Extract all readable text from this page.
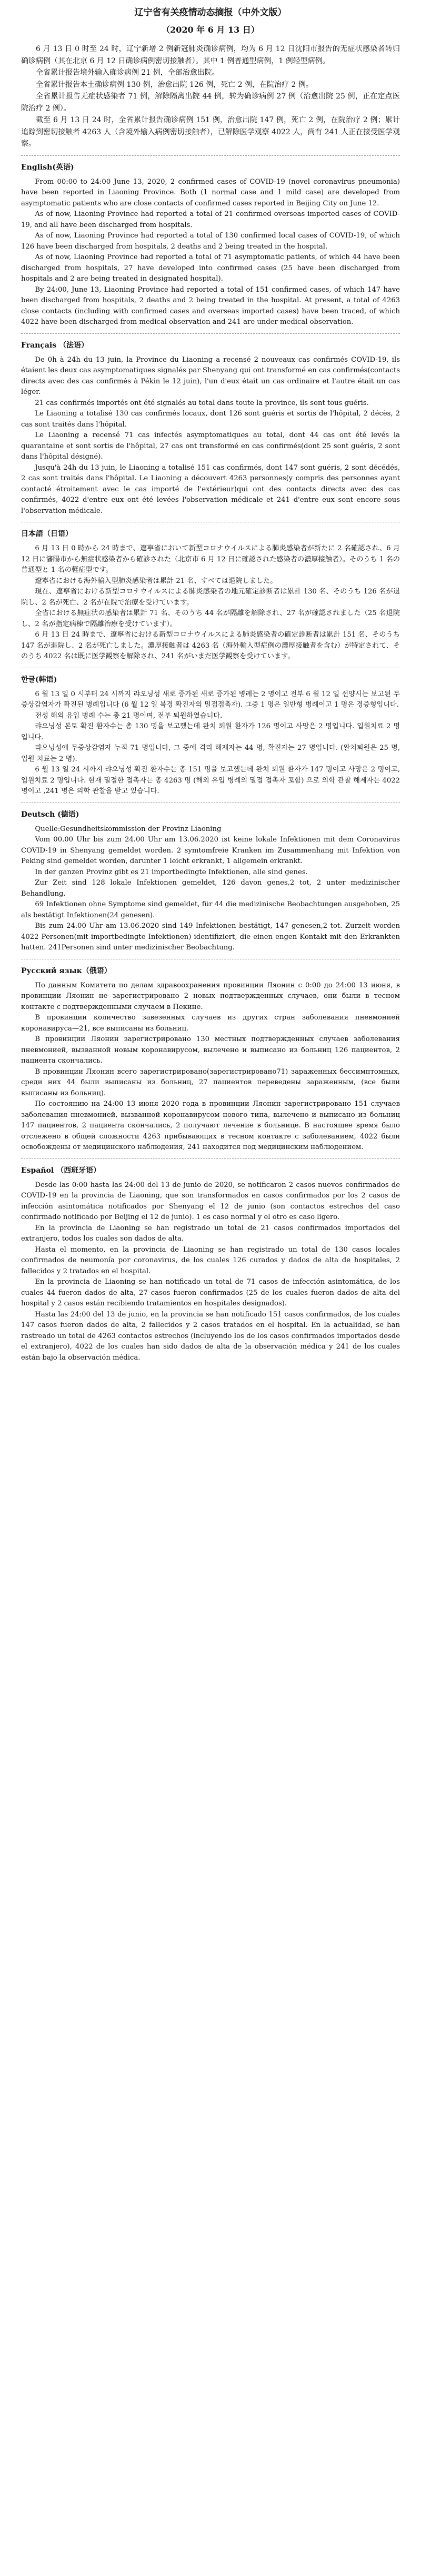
辽宁省有关疫情动态摘报（中外文版）
（2020 年 6 月 13 日）

6 月 13 日 0 时至 24 时，辽宁新增 2 例新冠肺炎确诊病例，均为 6 月 12 日沈阳市报告的无症状感染者转归确诊病例（其在北京 6 月 12 日确诊病例密切接触者）。其中 1 例普通型病例，1 例轻型病例。

全省累计报告境外输入确诊病例 21 例，全部治愈出院。

全省累计报告本土确诊病例 130 例，治愈出院 126 例，死亡 2 例，在院治疗 2 例。

全省累计报告无症状感染者 71 例，解除隔离出院 44 例，转为确诊病例 27 例（治愈出院 25 例，正在定点医院治疗 2 例）。

截至 6 月 13 日 24 时，全省累计报告确诊病例 151 例，治愈出院 147 例，死亡 2 例，在院治疗 2 例；累计追踪到密切接触者 4263 人（含境外输入病例密切接触者），已解除医学观察 4022 人，尚有 241 人正在接受医学观察。

English(英语)

From 00:00 to 24:00 June 13, 2020, 2 confirmed cases of COVID-19 (novel coronavirus pneumonia) have been reported in Liaoning Province. Both (1 normal case and 1 mild case) are developed from asymptomatic patients who are close contacts of confirmed cases reported in Beijing City on June 12.

As of now, Liaoning Province had reported a total of 21 confirmed overseas imported cases of COVID-19, and all have been discharged from hospitals.

As of now, Liaoning Province had reported a total of 130 confirmed local cases of COVID-19, of which 126 have been discharged from hospitals, 2 deaths and 2 being treated in the hospital.

As of now, Liaoning Province had reported a total of 71 asymptomatic patients, of which 44 have been discharged from hospitals, 27 have developed into confirmed cases (25 have been discharged from hospitals and 2 are being treated in designated hospital).

By 24:00, June 13, Liaoning Province had reported a total of 151 confirmed cases, of which 147 have been discharged from hospitals, 2 deaths and 2 being treated in the hospital. At present, a total of 4263 close contacts (including with confirmed cases and overseas imported cases) have been traced, of which 4022 have been discharged from medical observation and 241 are under medical observation.

Français （法语）

De 0h à 24h du 13 juin, la Province du Liaoning a recensé 2 nouveaux cas confirmés COVID-19, ils étaient les deux cas asymptomatiques signalés par Shenyang qui ont transformé en cas confirmés(contacts directs avec des cas confirmés à Pékin le 12 juin), l'un d'eux était un cas ordinaire et l'autre était un cas léger.

21 cas confirmés importés ont été signalés au total dans toute la province, ils sont tous guéris.

Le Liaoning a totalisé 130 cas confirmés locaux, dont 126 sont guéris et sortis de l'hôpital, 2 décès, 2 cas sont traités dans l'hôpital.

Le Liaoning a recensé 71 cas infectés asymptomatiques au total, dont 44 cas ont été levés la quarantaine et sont sortis de l'hôpital, 27 cas ont transformé en cas confirmés(dont 25 sont guéris, 2 sont dans l'hôpital désigné).

Jusqu'à 24h du 13 juin, le Liaoning a totalisé 151 cas confirmés, dont 147 sont guéris, 2 sont décédés, 2 cas sont traités dans l'hôpital. Le Liaoning a découvert 4263 personnes(y compris des personnes ayant contacté étroitement avec le cas importé de l'extérieur)qui ont des contacts directs avec des cas confirmés, 4022 d'entre eux ont été levées l'observation médicale et 241 d'entre eux sont encore sous l'observation médicale.

日本語（日语）

6 月 13 日 0 時から 24 時まで、遼寧省において新型コロナウイルスによる肺炎感染者が新たに 2 名確認され、6 月 12 日に瀋陽市から無症状感染者から確診された（北京市 6 月 12 日に確認された感染者の濃厚接触者）。そのうち 1 名の普通型と 1 名の軽症型です。

遼寧省における海外輸入型肺炎感染者は累計 21 名、すべては退院しました。

現在、遼寧省における新型コロナウイルスによる肺炎感染者の地元確定診断者は累計 130 名、そのうち 126 名が退院し、2 名が死亡、2 名が在院で治療を受けています。

全省における無症状の感染者は累計 71 名、そのうち 44 名が隔離を解除され、27 名が確認されました（25 名退院し、2 名が指定病棟で隔離治療を受けています）。

6 月 13 日 24 時まで、遼寧省における新型コロナウイルスによる肺炎感染者の確定診断者は累計 151 名、そのうち 147 名が退院し、2 名が死亡しました。濃厚接触者は 4263 名（海外輸入型症例の濃厚接触者を含む）が特定されて、そのうち 4022 名は既に医学観察を解除され、241 名がいまだ医学観察を受けています。

한글(韩语)

6 월 13 일 0 시부터 24 시까지 랴오닝성 새로 증가된 새로 증가된 병례는 2 명이고 전부 6 월 12 일 선양시는 보고된 무증상감염자가 확진된 병례입니다 (6 월 12 일 북경 확진자의 밀접접촉자). 그중 1 명은 일반형 병례이고 1 명은 경증형입니다.

전성 해외 유입 병례 수는 총 21 명이며, 전부 퇴원하였습니다.

랴오닝성 본토 확진 환자수는 총 130 명을 보고했는데 완치 퇴원 환자가 126 명이고 사망은 2 명입니다. 입원치료 2 명입니다.

랴오닝성에 무증상감염자 누적 71 명입니다, 그 중에 격리 해제자는 44 명, 확진자는 27 명입니다. (완치퇴원은 25 명, 입원 치료는 2 명).

6 월 13 일 24 시까지 랴오닝성 확진 환자수는 총 151 명을 보고했는데 완치 퇴원 환자가 147 명이고 사망은 2 명이고, 입원치료 2 명입니다. 현재 밀접한 접촉자는 총 4263 명 (해외 유입 병례의 밀접 접촉자 포함) 으로 의학 관찰 해제자는 4022 명이고 ,241 명은 의학 관찰을 받고 있습니다.

Deutsch (德语)

Quelle:Gesundheitskommission der Provinz Liaoning

Vom 00.00 Uhr bis zum 24.00 Uhr am 13.06.2020 ist keine lokale Infektionen mit dem Coronavirus COVID-19 in Shenyang gemeldet worden. 2 symtomfreie Kranken im Zusammenhang mit Infektion von Peking sind gemeldet worden, darunter 1 leicht erkrankt, 1 allgemein erkrankt.

In der ganzen Provinz gibt es 21 importbedingte Infektionen, alle sind genes.

Zur Zeit sind 128 lokale Infektionen gemeldet, 126 davon genes,2 tot, 2 unter medizinischer Behandlung.

69 Infektionen ohne Symptome sind gemeldet, für 44 die medizinische Beobachtungen ausgehoben, 25 als bestätigt Infektionen(24 genesen).

Bis zum 24.00 Uhr am 13.06.2020 sind 149 Infektionen bestätigt, 147 genesen,2 tot. Zurzeit worden 4022 Personen(mit importbedingte Infektionen) identifiziert, die einen engen Kontakt mit den Erkrankten hatten. 241Personen sind unter medizinischer Beobachtung.

Русский язык（俄语）

По данным Комитета по делам здравоохранения провинции Ляонин с 0:00 до 24:00 13 июня, в провинции Ляонин не зарегистрировано 2 новых подтвержденных случаев, они были в тесном контакте с подтвержденными случаем в Пекине.

В провинции количество завезенных случаев из других стран заболевания пневмонией коронавируса—21, все выписаны из больниц.

В провинции Ляонин зарегистрировано 130 местных подтвержденных случаев заболевания пневмонией, вызванной новым коронавирусом, вылечено и выписано из больниц 126 пациентов, 2 пациента скончались.

В провинции Ляонин всего зарегистрировано(зарегистрировано71) зараженных бессимптомных, среди них 44 были выписаны из больниц, 27 пациентов переведены зараженным, (все были выписаны из больниц).

По состоянию на 24:00 13 июня 2020 года в провинции Ляонин зарегистрировано 151 случаев заболевания пневмонией, вызванной коронавирусом нового типа, вылечено и выписано из больниц 147 пациентов, 2 пациента скончались, 2 получают лечение в больнице. В настоящее время было отслежено в общей сложности 4263 прибывающих в тесном контакте с заболеванием, 4022 были освобождены от медицинского наблюдения, 241 находится под медицинским наблюдением.

Español （西班牙语）

Desde las 0:00 hasta las 24:00 del 13 de junio de 2020, se notificaron 2 casos nuevos confirmados de COVID-19 en la provincia de Liaoning, que son transformados en casos confirmados por los 2 casos de infección asintomática notificados por Shenyang el 12 de junio (son contactos estrechos del caso confirmado notificado por Beijing el 12 de junio). 1 es caso normal y el otro es caso ligero.

En la provincia de Liaoning se han registrado un total de 21 casos confirmados importados del extranjero, todos los cuales son dados de alta.

Hasta el momento, en la provincia de Liaoning se han registrado un total de 130 casos locales confirmados de neumonía por coronavirus, de los cuales 126 curados y dados de alta de hospitales, 2 fallecidos y 2 tratados en el hospital.

En la provincia de Liaoning se han notificado un total de 71 casos de infección asintomática, de los cuales 44 fueron dados de alta, 27 casos fueron confirmados (25 de los cuales fueron dados de alta del hospital y 2 casos están recibiendo tratamientos en hospitales designados).

Hasta las 24:00 del 13 de junio, en la provincia se han notificado 151 casos confirmados, de los cuales 147 casos fueron dados de alta, 2 fallecidos y 2 casos tratados en el hospital. En la actualidad, se han rastreado un total de 4263 contactos estrechos (incluyendo los de los casos confirmados importados desde el extranjero), 4022 de los cuales han sido dados de alta de la observación médica y 241 de los cuales están bajo la observación médica.
